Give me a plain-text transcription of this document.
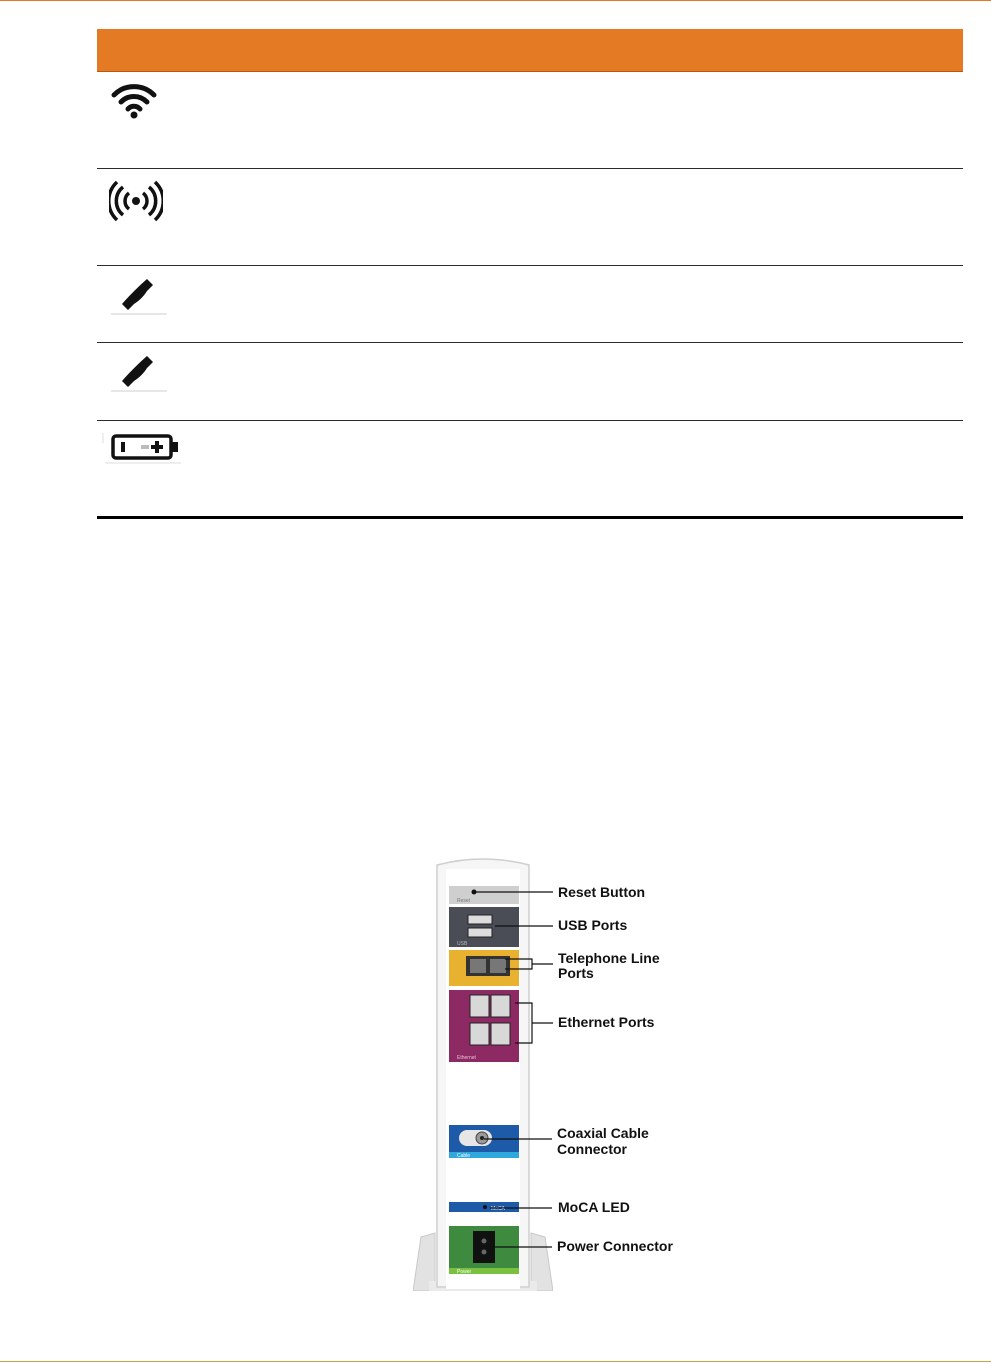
Reset
USB
Ethernet
Cable
MoCA
Power
Reset Button
USB Ports
Telephone Line
Ports
Ethernet Ports
Coaxial Cable
Connector
MoCA LED
Power Connector
